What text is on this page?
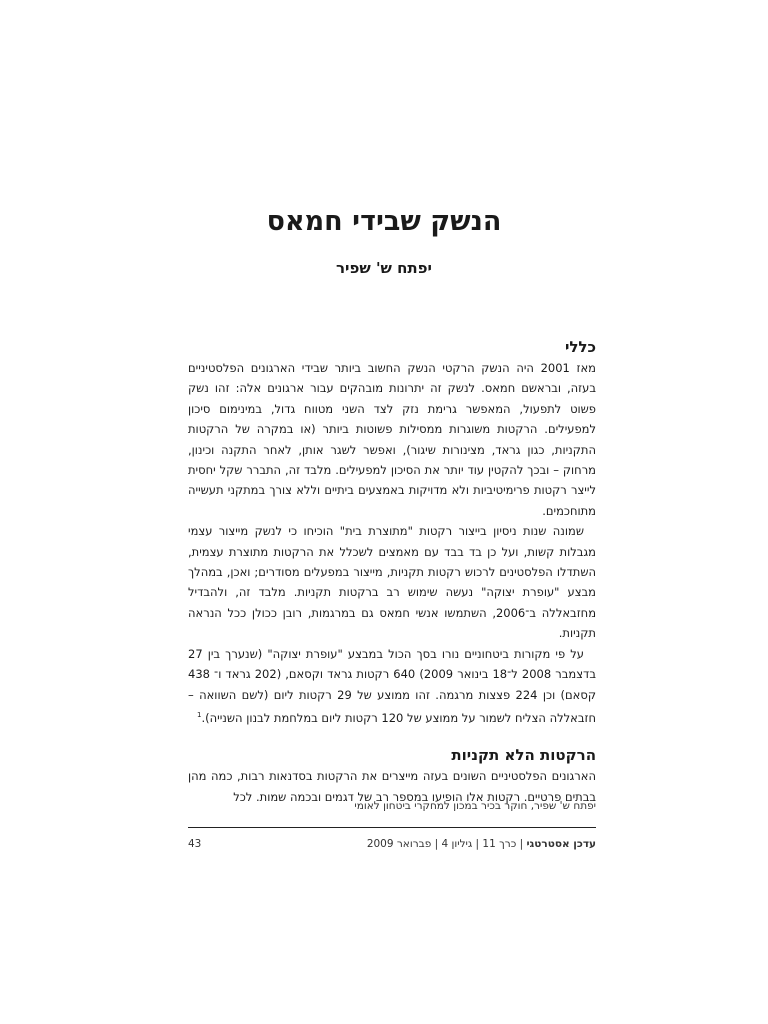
הנשק שבידי חמאס
יפתח ש' שפיר
כללי

מאז 2001 היה הנשק הרקטי הנשק החשוב ביותר שבידי הארגונים הפלסטיניים בעזה, ובראשם חמאס. לנשק זה יתרונות מובהקים עבור ארגונים אלה: זהו נשק פשוט לתפעול, המאפשר גרימת נזק לצד השני מטווח גדול, במינימום סיכון למפעילים. הרקטות משוגרות ממסילות פשוטות ביותר (או במקרה של הרקטות התקניות, כגון גראד, מצינורות שיגור), ואפשר לשגר אותן, לאחר התקנה וכינון, מרחוק – ובכך להקטין עוד יותר את הסיכון למפעילים. מלבד זה, התברר שקל יחסית לייצר רקטות פרימיטיביות ולא מדויקות באמצעים ביתיים וללא צורך במתקני תעשייה מתוחכמים.

שמונה שנות ניסיון בייצור רקטות "מתוצרת בית" הוכיחו כי לנשק מייצור עצמי מגבלות קשות, ועל כן בד בבד עם מאמצים לשכלל את הרקטות מתוצרת עצמית, השתדלו הפלסטינים לרכוש רקטות תקניות, מייצור במפעלים מסודרים; ואכן, במהלך מבצע "עופרת יצוקה" נעשה שימוש רב ברקטות תקניות. מלבד זה, ולהבדיל מחזבאללה ב־2006, השתמשו אנשי חמאס גם במרגמות, רובן ככולן ככל הנראה תקניות.

על פי מקורות ביטחוניים נורו בסך הכול במבצע "עופרת יצוקה" (שנערך בין 27 בדצמבר 2008 ל־18 בינואר 2009) 640 רקטות גראד וקסאם, (202 גראד ו־ 438 קסאם) וכן 224 פצצות מרגמה. זהו ממוצע של 29 רקטות ליום (לשם השוואה – חזבאללה הצליח לשמור על ממוצע של 120 רקטות ליום במלחמת לבנון השנייה).$^1$

הרקטות הלא תקניות

הארגונים הפלסטיניים השונים בעזה מייצרים את הרקטות בסדנאות רבות, כמה מהן בבתים פרטיים. רקטות אלו הופיעו במספר רב של דגמים ובכמה שמות. לכל

יפתח ש' שפיר, חוקר בכיר במכון למחקרי ביטחון לאומי
עדכן אסטרטגי | כרך 11 | גיליון 4 | פברואר 2009
43
